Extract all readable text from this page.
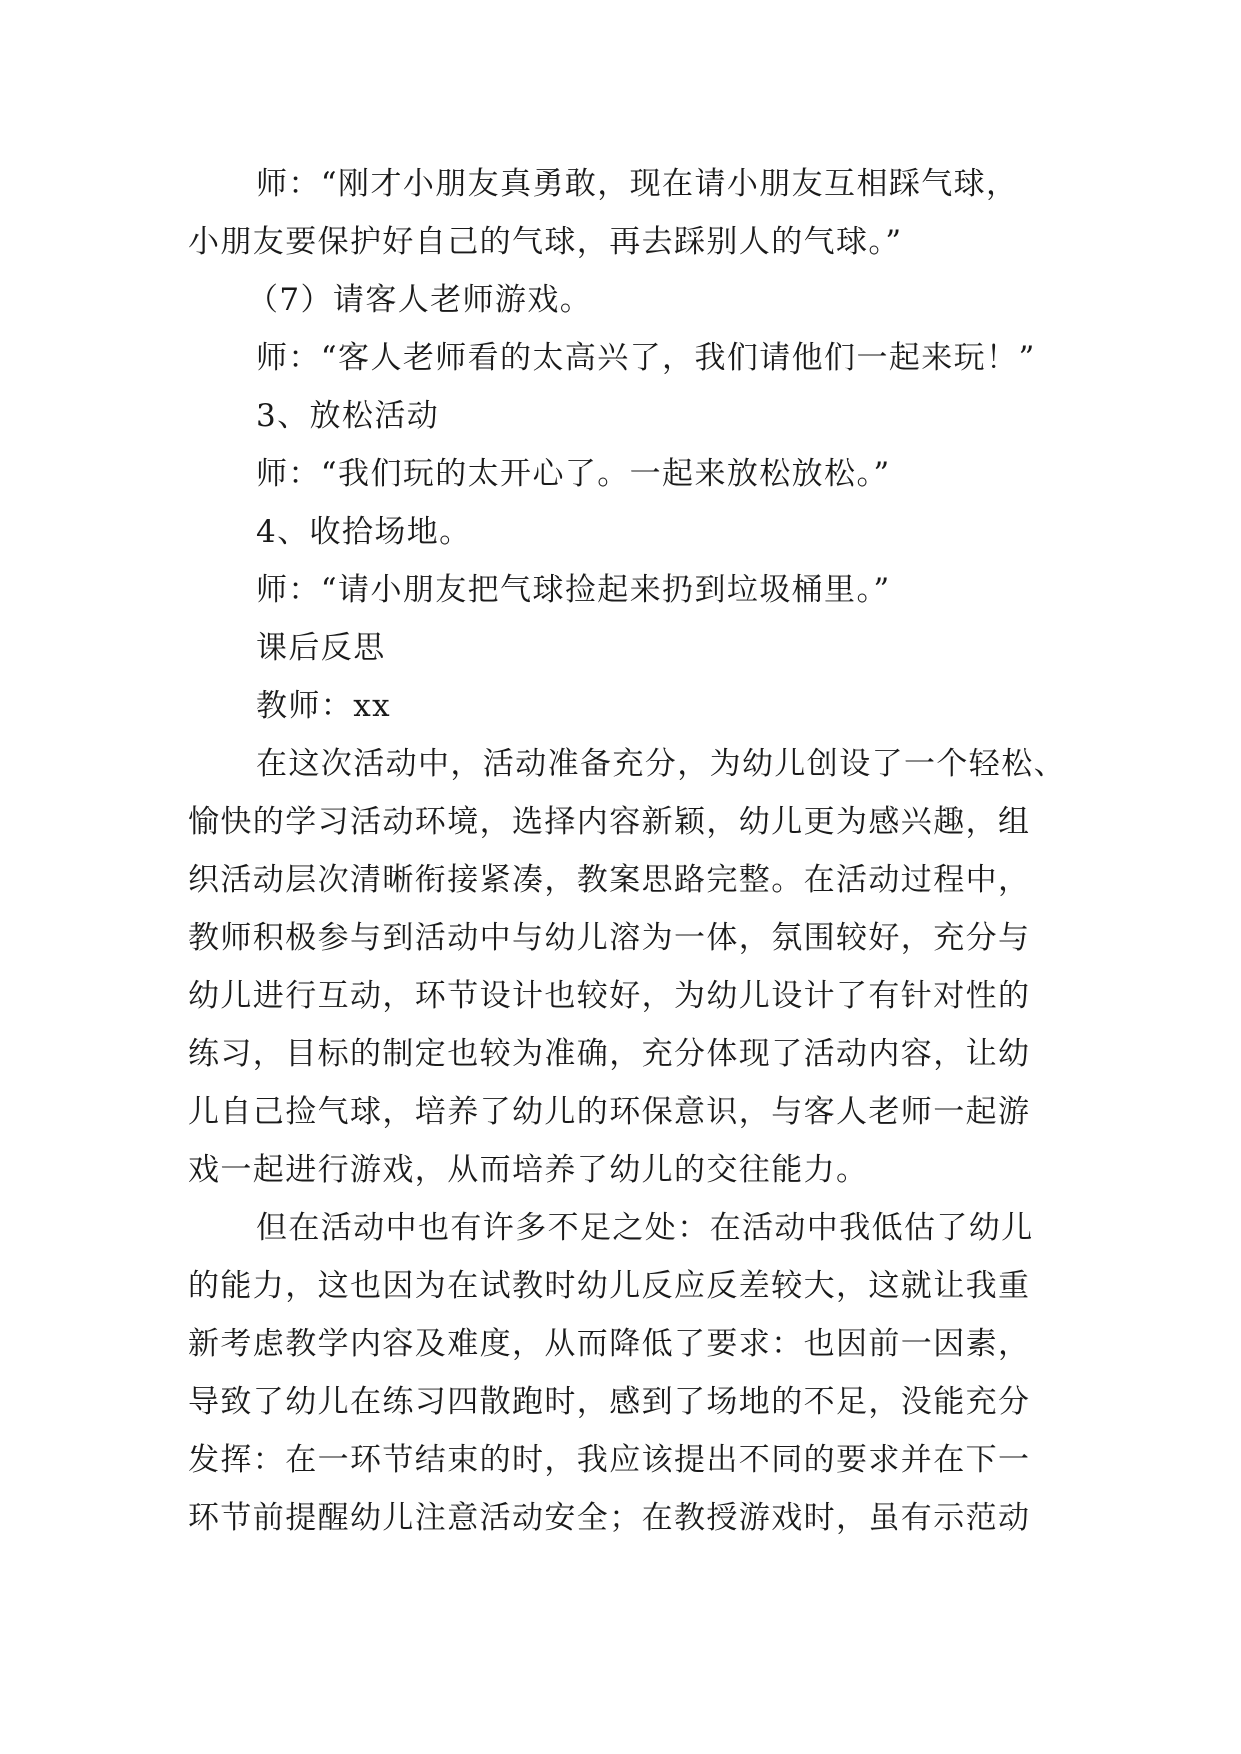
师：“刚才小朋友真勇敢，现在请小朋友互相踩气球，
小朋友要保护好自己的气球，再去踩别人的气球。”
（7）请客人老师游戏。
师：“客人老师看的太高兴了，我们请他们一起来玩！”
3、放松活动
师：“我们玩的太开心了。一起来放松放松。”
4、收拾场地。
师：“请小朋友把气球捡起来扔到垃圾桶里。”
课后反思
教师：xx
在这次活动中，活动准备充分，为幼儿创设了一个轻松、
愉快的学习活动环境，选择内容新颖，幼儿更为感兴趣，组
织活动层次清晰衔接紧凑，教案思路完整。在活动过程中，
教师积极参与到活动中与幼儿溶为一体，氛围较好，充分与
幼儿进行互动，环节设计也较好，为幼儿设计了有针对性的
练习，目标的制定也较为准确，充分体现了活动内容，让幼
儿自己捡气球，培养了幼儿的环保意识，与客人老师一起游
戏一起进行游戏，从而培养了幼儿的交往能力。
但在活动中也有许多不足之处：在活动中我低估了幼儿
的能力，这也因为在试教时幼儿反应反差较大，这就让我重
新考虑教学内容及难度，从而降低了要求：也因前一因素，
导致了幼儿在练习四散跑时，感到了场地的不足，没能充分
发挥：在一环节结束的时，我应该提出不同的要求并在下一
环节前提醒幼儿注意活动安全；在教授游戏时，虽有示范动
